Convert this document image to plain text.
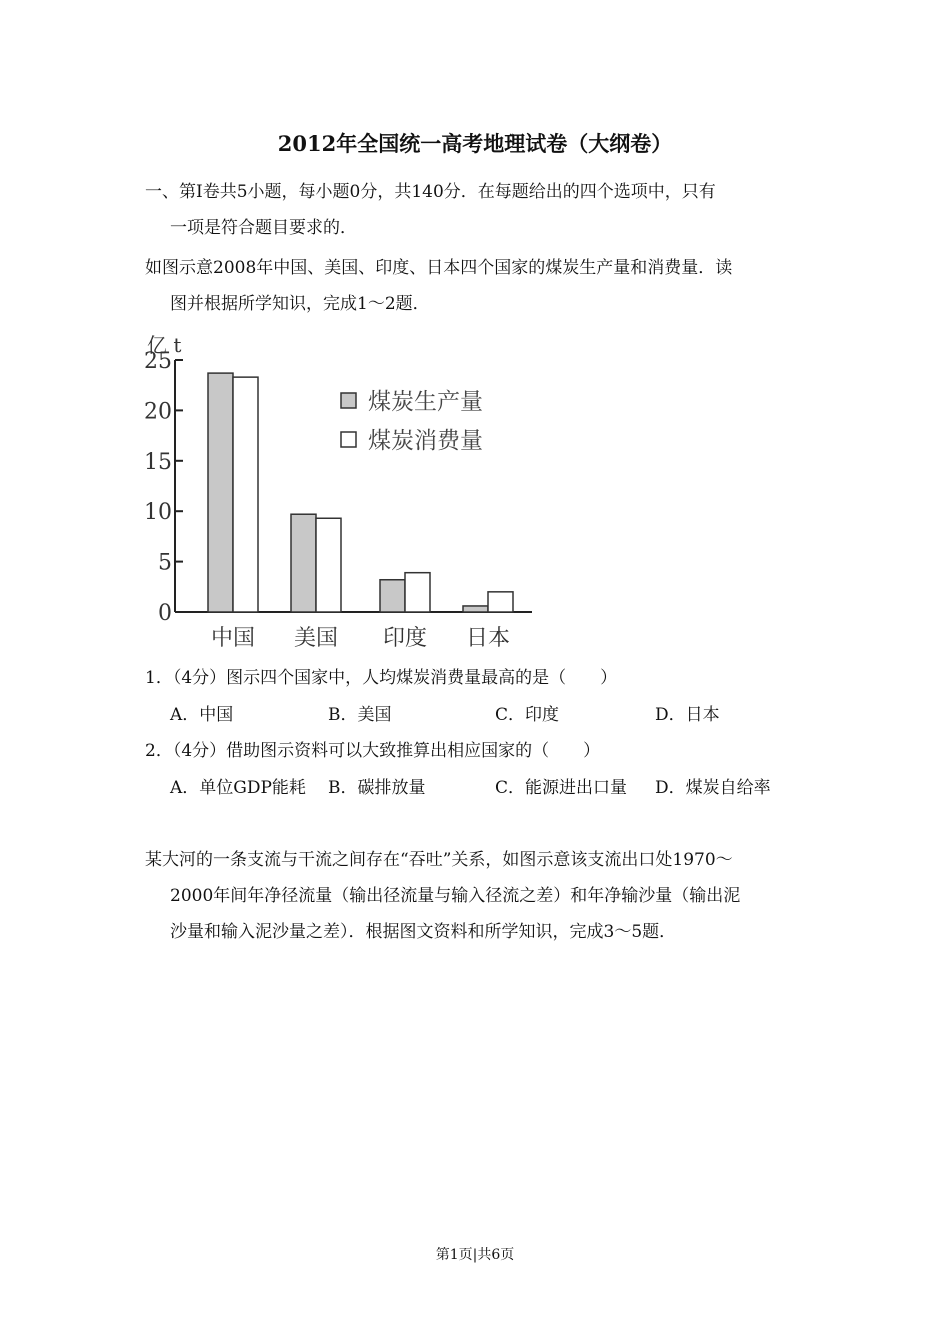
2012年全国统一高考地理试卷（大纲卷）
一、第Ⅰ卷共5小题，每小题0分，共140分．在每题给出的四个选项中，只有
一项是符合题目要求的．
如图示意2008年中国、美国、印度、日本四个国家的煤炭生产量和消费量．读
图并根据所学知识，完成1～2题．
亿 t
0
5
10
15
20
25
中国 美国 印度 日本
煤炭生产量
煤炭消费量
1．（4分）图示四个国家中，人均煤炭消费量最高的是（　　）
A．中国	B．美国	C．印度	D．日本
2．（4分）借助图示资料可以大致推算出相应国家的（　　）
A．单位GDP能耗 B．碳排放量	C．能源进出口量 D．煤炭自给率
某大河的一条支流与干流之间存在“吞吐”关系，如图示意该支流出口处1970～
2000年间年净径流量（输出径流量与输入径流之差）和年净输沙量（输出泥
沙量和输入泥沙量之差）．根据图文资料和所学知识，完成3～5题．
第1页|共6页
